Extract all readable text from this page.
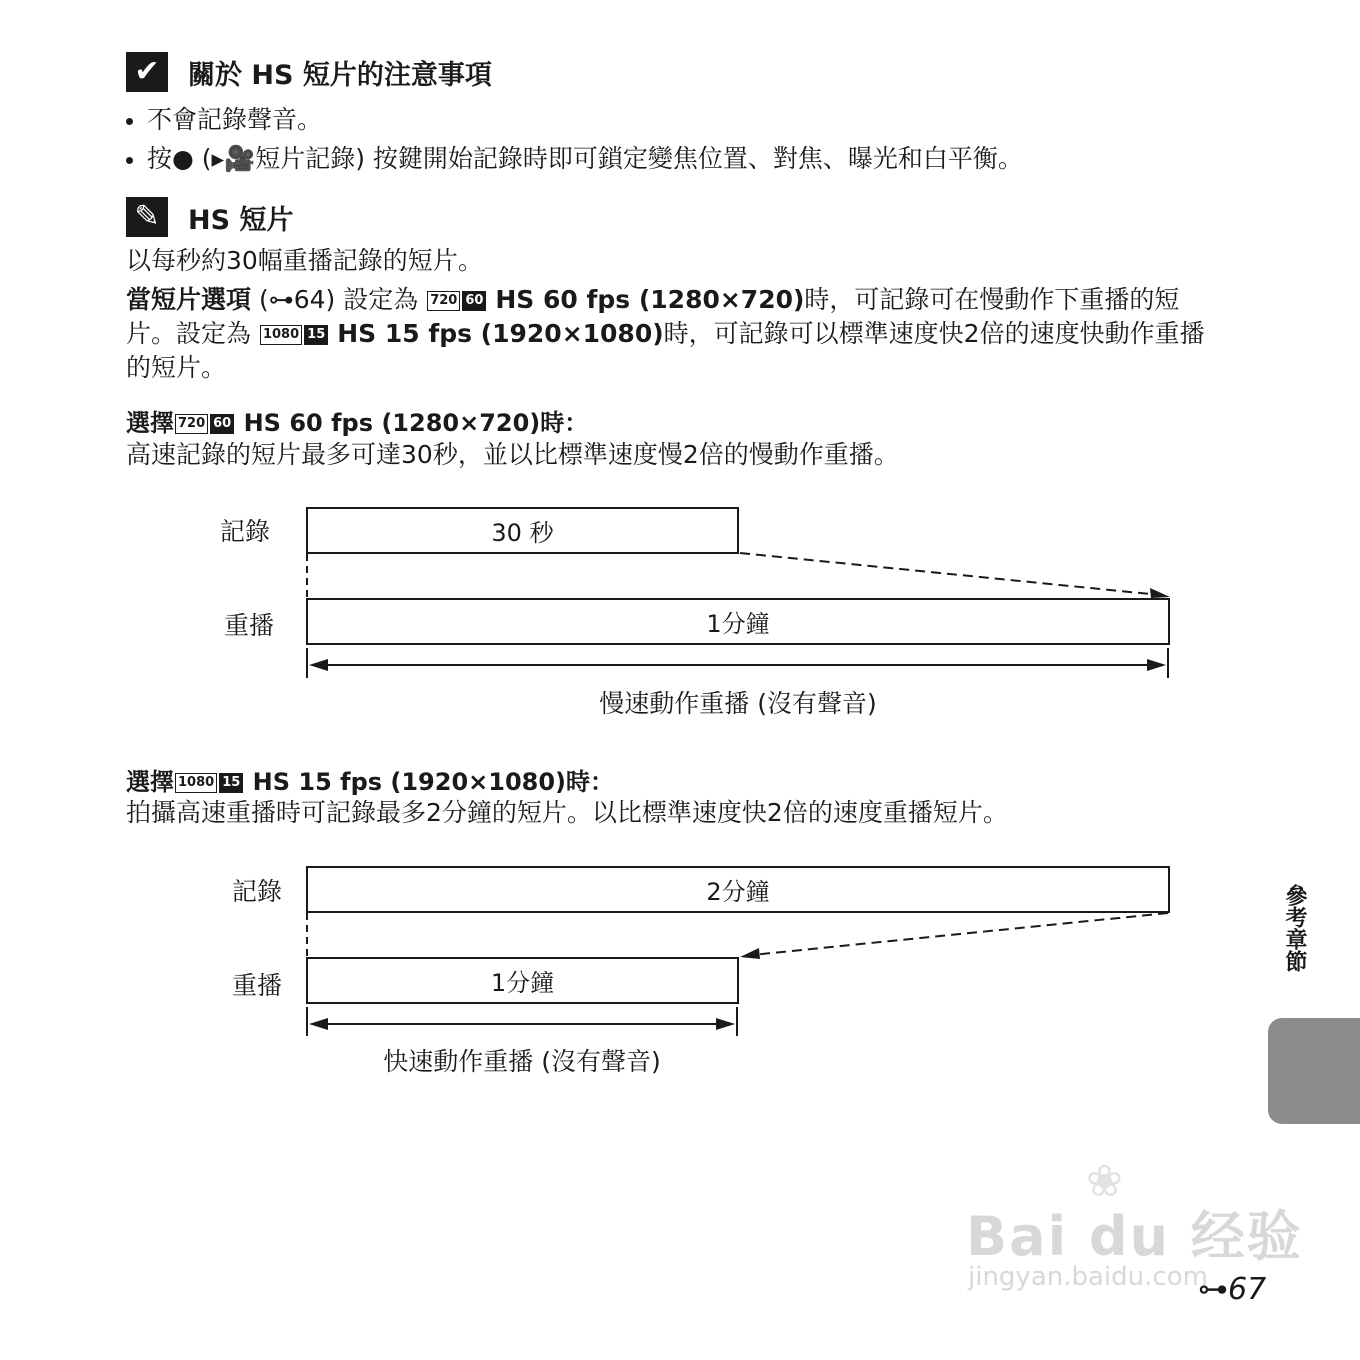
✔	關於 HS 短片的注意事項
不會記錄聲音。
按● (▸🎥短片記錄) 按鍵開始記錄時即可鎖定變焦位置、對焦、曝光和白平衡。
✎	HS 短片
以每秒約30幅重播記錄的短片。
當短片選項 (⊶64) 設定為 720 60 HS 60 fps (1280×720)時，可記錄可在慢動作下重播的短
片。設定為 1080 15 HS 15 fps (1920×1080)時，可記錄可以標準速度快2倍的速度快動作重播
的短片。
選擇 720 60 HS 60 fps (1280×720)時：
高速記錄的短片最多可達30秒，並以比標準速度慢2倍的慢動作重播。
記錄
重播
30 秒
1分鐘
慢速動作重播 (沒有聲音)
選擇 1080 15 HS 15 fps (1920×1080)時：
拍攝高速重播時可記錄最多2分鐘的短片。以比標準速度快2倍的速度重播短片。
記錄
重播
2分鐘
1分鐘
快速動作重播 (沒有聲音)
參考章節
❀
Bai du 经验
jingyan.baidu.com
⊶67
